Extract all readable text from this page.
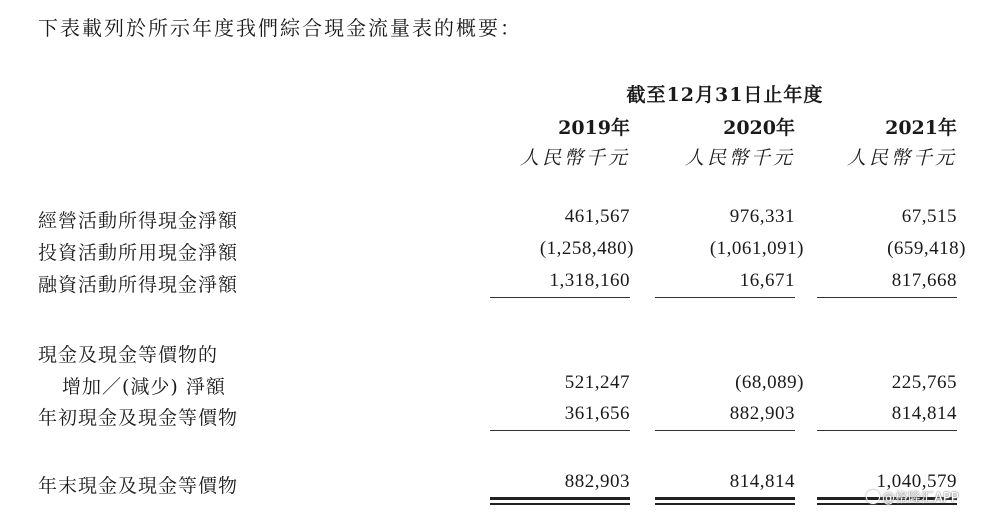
下表載列於所示年度我們綜合現金流量表的概要：
截至12月31日止年度
2019年	2020年	2021年
人民幣千元	人民幣千元	人民幣千元
經營活動所得現金淨額	461,567	976,331	67,515
投資活動所用現金淨額	(1,258,480)	(1,061,091)	(659,418)
融資活動所得現金淨額	1,318,160	16,671	817,668
現金及現金等價物的
增加／(減少) 淨額	521,247	(68,089)	225,765
年初現金及現金等價物	361,656	882,903	814,814
年末現金及現金等價物	882,903	814,814	1,040,579
@格隆汇APP
